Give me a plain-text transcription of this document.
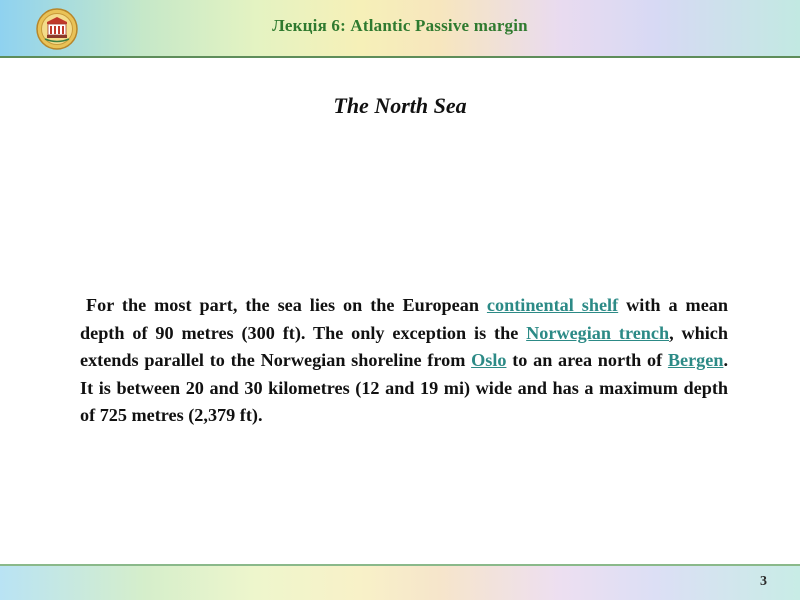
Лекція 6: Atlantic Passive margin
The North Sea
For the most part, the sea lies on the European continental shelf with a mean depth of 90 metres (300 ft). The only exception is the Norwegian trench, which extends parallel to the Norwegian shoreline from Oslo to an area north of Bergen. It is between 20 and 30 kilometres (12 and 19 mi) wide and has a maximum depth of 725 metres (2,379 ft).
3
